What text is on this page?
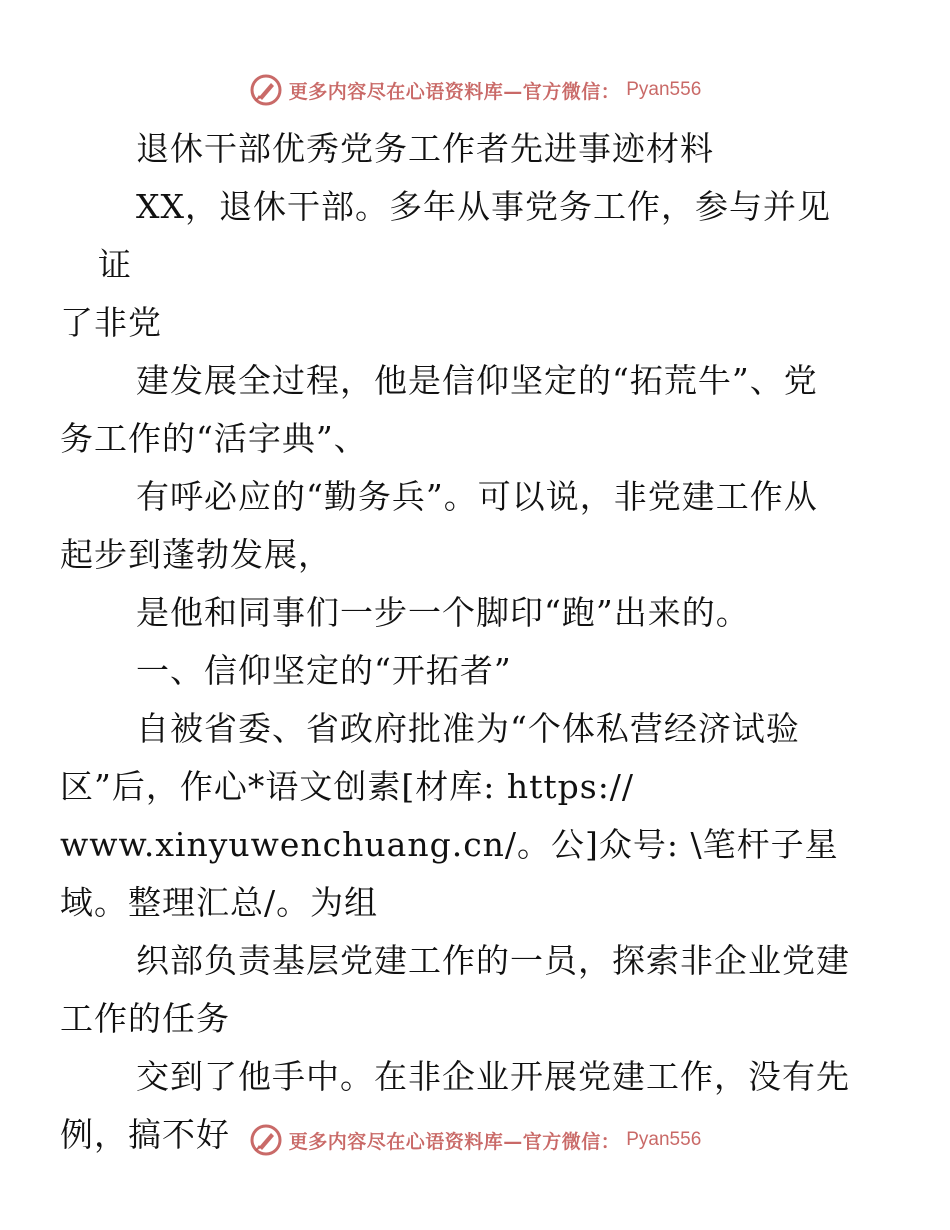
更多内容尽在心语资料库—官方微信： Pyan556

退休干部优秀党务工作者先进事迹材料

XX，退休干部。多年从事党务工作，参与并见证
了非党

建发展全过程，他是信仰坚定的“拓荒牛”、党
务工作的“活字典”、

有呼必应的“勤务兵”。可以说，非党建工作从
起步到蓬勃发展，

是他和同事们一步一个脚印“跑”出来的。

一、信仰坚定的“开拓者”

自被省委、省政府批准为“个体私营经济试验
区”后，作心*语文创素[材库: https://
www.xinyuwenchuang.cn/。公]众号: \笔杆子星
域。整理汇总/。为组

织部负责基层党建工作的一员，探索非企业党建
工作的任务

交到了他手中。在非企业开展党建工作，没有先
例，搞不好	更多内容尽在心语资料库—官方微信： Pyan556
